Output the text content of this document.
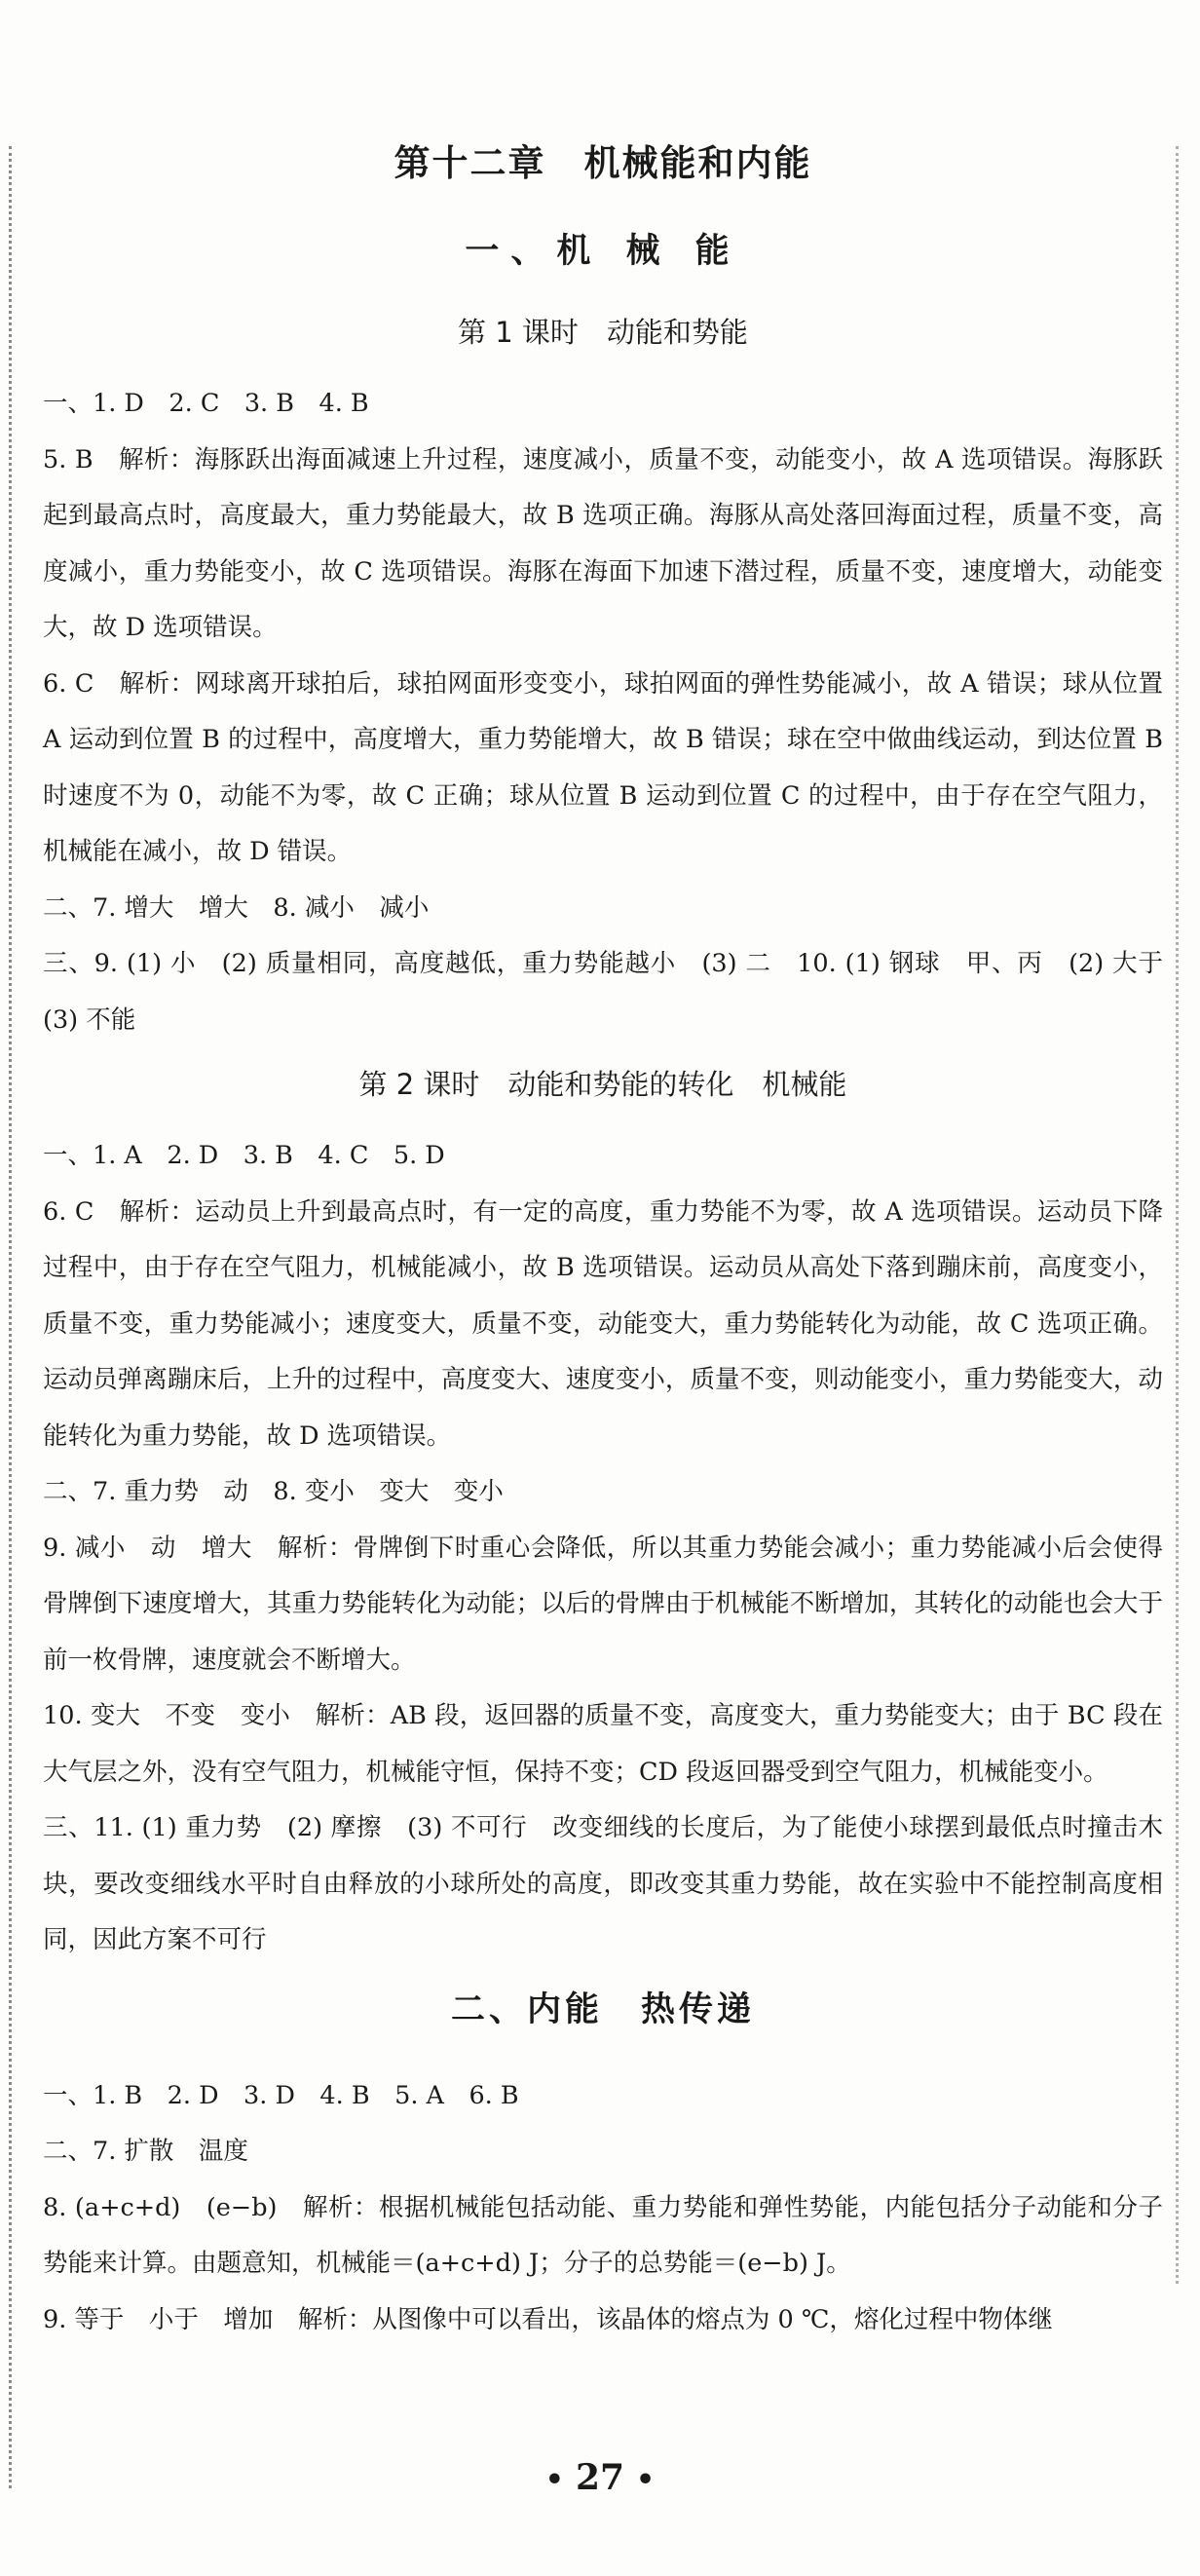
第十二章　机械能和内能
一、机 械 能
第 1 课时　动能和势能

一、1. D　2. C　3. B　4. B

5. B　解析：海豚跃出海面减速上升过程，速度减小，质量不变，动能变小，故 A 选项错误。海豚跃起到最高点时，高度最大，重力势能最大，故 B 选项正确。海豚从高处落回海面过程，质量不变，高度减小，重力势能变小，故 C 选项错误。海豚在海面下加速下潜过程，质量不变，速度增大，动能变大，故 D 选项错误。

6. C　解析：网球离开球拍后，球拍网面形变变小，球拍网面的弹性势能减小，故 A 错误；球从位置 A 运动到位置 B 的过程中，高度增大，重力势能增大，故 B 错误；球在空中做曲线运动，到达位置 B 时速度不为 0，动能不为零，故 C 正确；球从位置 B 运动到位置 C 的过程中，由于存在空气阻力，机械能在减小，故 D 错误。

二、7. 增大　增大　8. 减小　减小

三、9. (1) 小　(2) 质量相同，高度越低，重力势能越小　(3) 二　10. (1) 钢球　甲、丙　(2) 大于　(3) 不能

第 2 课时　动能和势能的转化　机械能

一、1. A　2. D　3. B　4. C　5. D

6. C　解析：运动员上升到最高点时，有一定的高度，重力势能不为零，故 A 选项错误。运动员下降过程中，由于存在空气阻力，机械能减小，故 B 选项错误。运动员从高处下落到蹦床前，高度变小，质量不变，重力势能减小；速度变大，质量不变，动能变大，重力势能转化为动能，故 C 选项正确。运动员弹离蹦床后，上升的过程中，高度变大、速度变小，质量不变，则动能变小，重力势能变大，动能转化为重力势能，故 D 选项错误。

二、7. 重力势　动　8. 变小　变大　变小

9. 减小　动　增大　解析：骨牌倒下时重心会降低，所以其重力势能会减小；重力势能减小后会使得骨牌倒下速度增大，其重力势能转化为动能；以后的骨牌由于机械能不断增加，其转化的动能也会大于前一枚骨牌，速度就会不断增大。

10. 变大　不变　变小　解析：AB 段，返回器的质量不变，高度变大，重力势能变大；由于 BC 段在大气层之外，没有空气阻力，机械能守恒，保持不变；CD 段返回器受到空气阻力，机械能变小。

三、11. (1) 重力势　(2) 摩擦　(3) 不可行　改变细线的长度后，为了能使小球摆到最低点时撞击木块，要改变细线水平时自由释放的小球所处的高度，即改变其重力势能，故在实验中不能控制高度相同，因此方案不可行

二、内能　热传递

一、1. B　2. D　3. D　4. B　5. A　6. B

二、7. 扩散　温度

8. (a+c+d)　(e−b)　解析：根据机械能包括动能、重力势能和弹性势能，内能包括分子动能和分子势能来计算。由题意知，机械能＝(a+c+d) J；分子的总势能＝(e−b) J。

9. 等于　小于　增加　解析：从图像中可以看出，该晶体的熔点为 0 ℃，熔化过程中物体继

• 27 •
